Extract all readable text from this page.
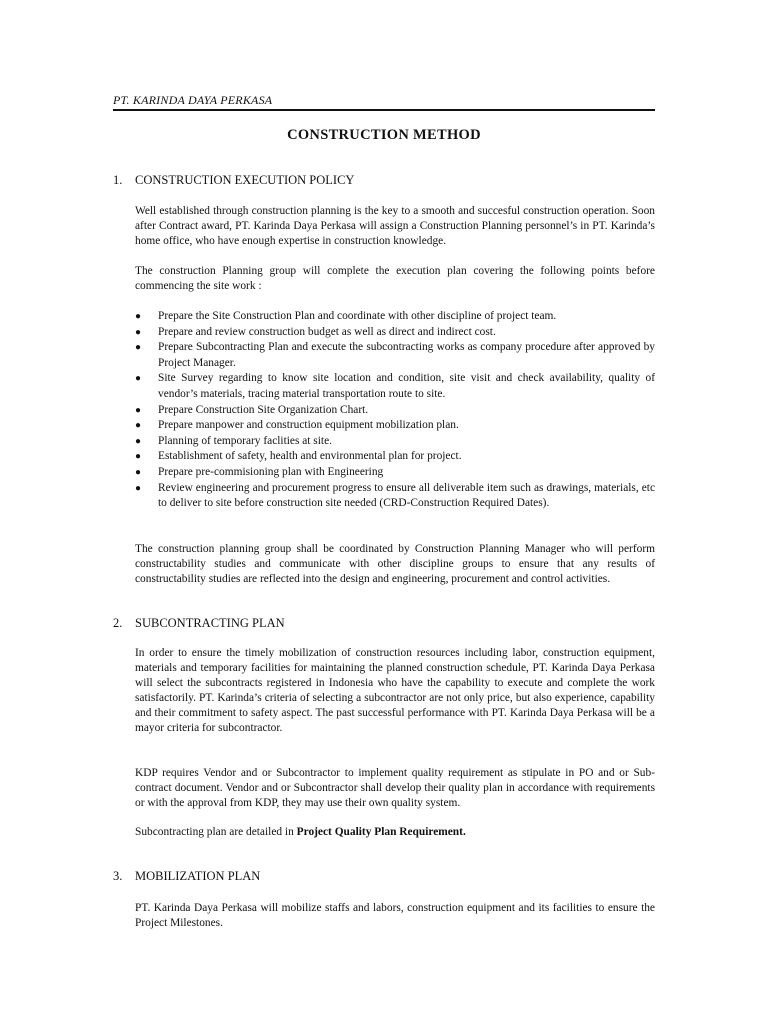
PT. KARINDA DAYA PERKASA
CONSTRUCTION METHOD
1. CONSTRUCTION EXECUTION POLICY
Well established through construction planning is the key to a smooth and succesful construction operation. Soon after Contract award, PT. Karinda Daya Perkasa will assign a Construction Planning personnel’s in PT. Karinda’s home office, who have enough expertise in construction knowledge.
The construction Planning group will complete the execution plan covering the following points before commencing the site work :
● Prepare the Site Construction Plan and coordinate with other discipline of project team.
● Prepare and review construction budget as well as direct and indirect cost.
● Prepare Subcontracting Plan and execute the subcontracting works as company procedure after approved by Project Manager.
● Site Survey regarding to know site location and condition, site visit and check availability, quality of vendor’s materials, tracing material transportation route to site.
● Prepare Construction Site Organization Chart.
● Prepare manpower and construction equipment mobilization plan.
● Planning of temporary faclities at site.
● Establishment of safety, health and environmental plan for project.
● Prepare pre-commisioning plan with Engineering
● Review engineering and procurement progress to ensure all deliverable item such as drawings, materials, etc to deliver to site before construction site needed (CRD-Construction Required Dates).
The construction planning group shall be coordinated by Construction Planning Manager who will perform constructability studies and communicate with other discipline groups to ensure that any results of constructability studies are reflected into the design and engineering, procurement and control activities.
2. SUBCONTRACTING PLAN
In order to ensure the timely mobilization of construction resources including labor, construction equipment, materials and temporary facilities for maintaining the planned construction schedule, PT. Karinda Daya Perkasa will select the subcontracts registered in Indonesia who have the capability to execute and complete the work satisfactorily. PT. Karinda’s criteria of selecting a subcontractor are not only price, but also experience, capability and their commitment to safety aspect. The past successful performance with PT. Karinda Daya Perkasa will be a mayor criteria for subcontractor.
KDP requires Vendor and or Subcontractor to implement quality requirement as stipulate in PO and or Sub-contract document. Vendor and or Subcontractor shall develop their quality plan in accordance with requirements or with the approval from KDP, they may use their own quality system.
Subcontracting plan are detailed in Project Quality Plan Requirement.
3. MOBILIZATION PLAN
PT. Karinda Daya Perkasa will mobilize staffs and labors, construction equipment and its facilities to ensure the Project Milestones.
